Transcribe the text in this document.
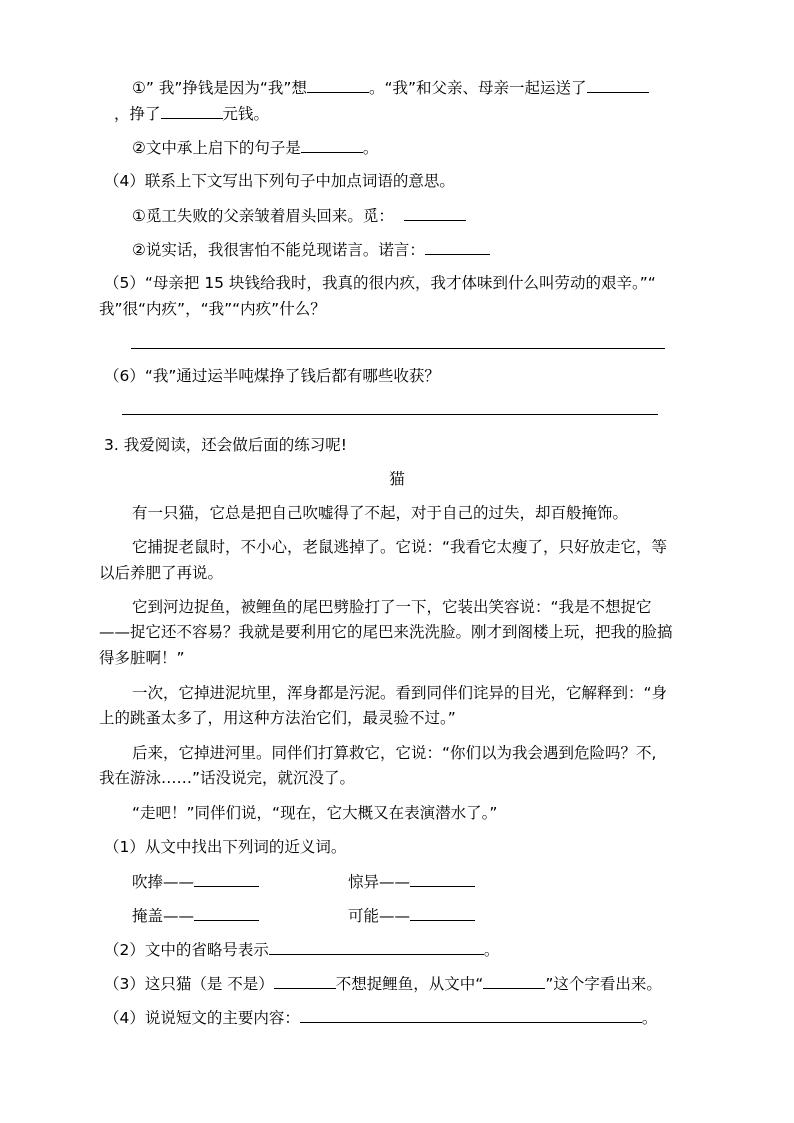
①” 我”挣钱是因为“我”想	。“我”和父亲、母亲一起运送了
，挣了	元钱。
②文中承上启下的句子是	。
（4）联系上下文写出下列句子中加点词语的意思。
①觅工失败的父亲皱着眉头回来。觅：
②说实话，我很害怕不能兑现诺言。诺言：
（5）“母亲把 15 块钱给我时，我真的很内疚，我才体味到什么叫劳动的艰辛。”“
我”很“内疚”，“我”“内疚”什么？
（6）“我”通过运半吨煤挣了钱后都有哪些收获？
3. 我爱阅读，还会做后面的练习呢!
猫
有一只猫，它总是把自己吹嘘得了不起，对于自己的过失，却百般掩饰。
它捕捉老鼠时，不小心，老鼠逃掉了。它说：“我看它太瘦了，只好放走它，等
以后养肥了再说。
它到河边捉鱼，被鲤鱼的尾巴劈脸打了一下，它装出笑容说：“我是不想捉它
——捉它还不容易？我就是要利用它的尾巴来洗洗脸。刚才到阁楼上玩，把我的脸搞
得多脏啊！”
一次，它掉进泥坑里，浑身都是污泥。看到同伴们诧异的目光，它解释到：“身
上的跳蚤太多了，用这种方法治它们，最灵验不过。”
后来，它掉进河里。同伴们打算救它，它说：“你们以为我会遇到危险吗？不,
我在游泳……”话没说完，就沉没了。
“走吧！”同伴们说，“现在，它大概又在表演潜水了。”
（1）从文中找出下列词的近义词。
吹捧——	惊异——
掩盖——	可能——
（2）文中的省略号表示	。
（3）这只猫（是 不是）	不想捉鲤鱼，从文中“	”这个字看出来。
（4）说说短文的主要内容：	。
